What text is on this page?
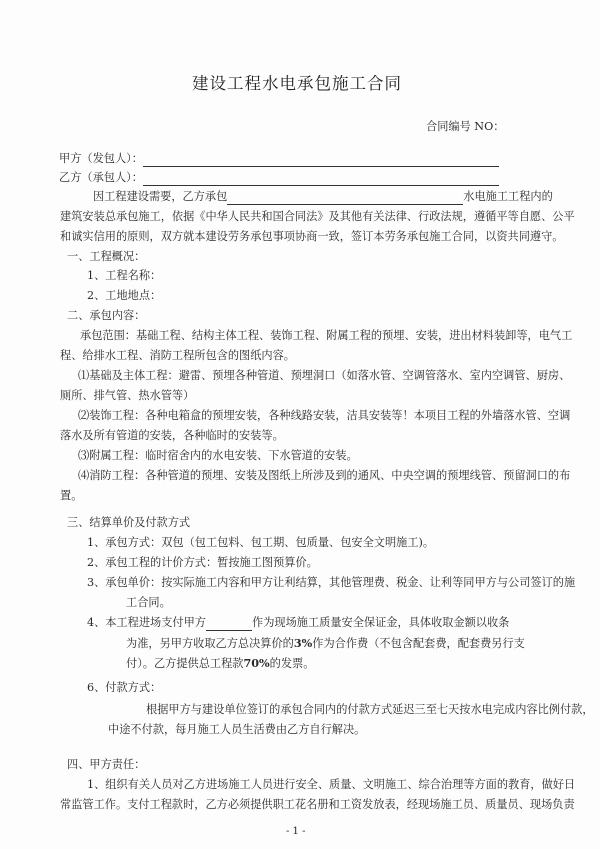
建设工程水电承包施工合同
合同编号 NO：
甲方（发包人）：
乙方（承包人）：
因工程建设需要，乙方承包	水电施工工程内的
建筑安装总承包施工，依据《中华人民共和国合同法》及其他有关法律、行政法规，遵循平等自愿、公平
和诚实信用的原则，双方就本建设劳务承包事项协商一致，签订本劳务承包施工合同，以资共同遵守。
一、工程概况：
1、工程名称：
2、工地地点：
二、承包内容：
承包范围：基础工程、结构主体工程、装饰工程、附属工程的预埋、安装，进出材料装卸等，电气工
程、给排水工程、消防工程所包含的图纸内容。
⑴基础及主体工程：避雷、预埋各种管道、预埋洞口（如落水管、空调管落水、室内空调管、厨房、
厕所、排气管、热水管等）
⑵装饰工程：各种电箱盒的预埋安装，各种线路安装，洁具安装等！本项目工程的外墙落水管、空调
落水及所有管道的安装，各种临时的安装等。
⑶附属工程：临时宿舍内的水电安装、下水管道的安装。
⑷消防工程：各种管道的预埋、安装及图纸上所涉及到的通风、中央空调的预埋线管、预留洞口的布
置。
三、结算单价及付款方式
1、承包方式：双包（包工包料、包工期、包质量、包安全文明施工)。
2、承包工程的计价方式：暂按施工图预算价。
3、承包单价：按实际施工内容和甲方让利结算，其他管理费、税金、让利等同甲方与公司签订的施
工合同。
4、本工程进场支付甲方	作为现场施工质量安全保证金，具体收取金额以收条
为准，另甲方收取乙方总决算价的3%作为合作费（不包含配套费，配套费另行支
付）。乙方提供总工程款70%的发票。
6、付款方式：
根据甲方与建设单位签订的承包合同内的付款方式延迟三至七天按水电完成内容比例付款，
中途不付款，每月施工人员生活费由乙方自行解决。
四、甲方责任：
1、组织有关人员对乙方进场施工人员进行安全、质量、文明施工、综合治理等方面的教育，做好日
常监管工作。支付工程款时，乙方必须提供职工花名册和工资发放表，经现场施工员、质量员、现场负责
- 1 -
